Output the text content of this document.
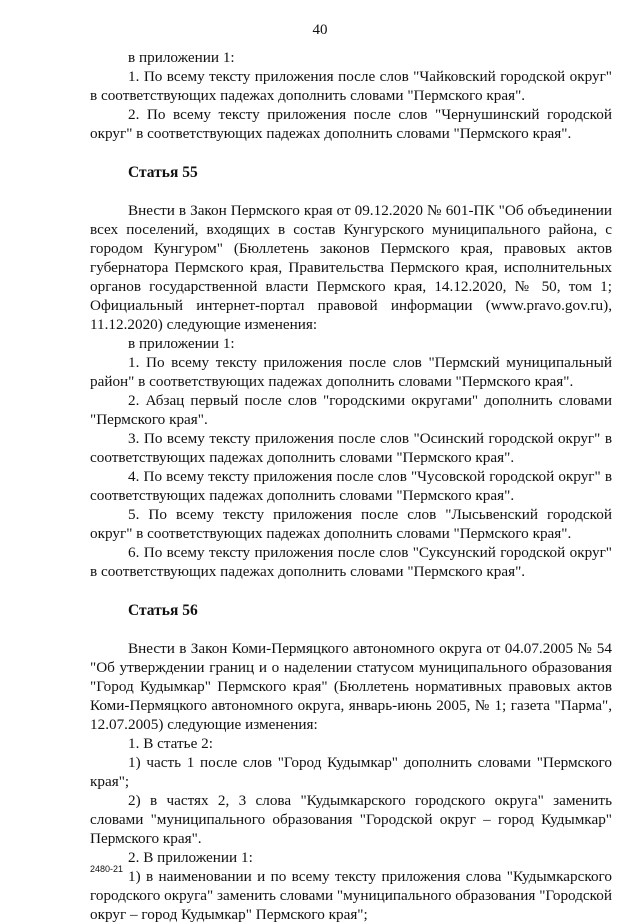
40

в приложении 1:

1. По всему тексту приложения после слов "Чайковский городской округ" в соответствующих падежах дополнить словами "Пермского края".

2. По всему тексту приложения после слов "Чернушинский городской округ" в соответствующих падежах дополнить словами "Пермского края".

Статья 55

Внести в Закон Пермского края от 09.12.2020 № 601-ПК "Об объединении всех поселений, входящих в состав Кунгурского муниципального района, с городом Кунгуром" (Бюллетень законов Пермского края, правовых актов губернатора Пермского края, Правительства Пермского края, исполнительных органов государственной власти Пермского края, 14.12.2020, № 50, том 1; Официальный интернет-портал правовой информации (www.pravo.gov.ru), 11.12.2020) следующие изменения:

в приложении 1:

1. По всему тексту приложения после слов "Пермский муниципальный район" в соответствующих падежах дополнить словами "Пермского края".

2. Абзац первый после слов "городскими округами" дополнить словами "Пермского края".

3. По всему тексту приложения после слов "Осинский городской округ" в соответствующих падежах дополнить словами "Пермского края".

4. По всему тексту приложения после слов "Чусовской городской округ" в соответствующих падежах дополнить словами "Пермского края".

5. По всему тексту приложения после слов "Лысьвенский городской округ" в соответствующих падежах дополнить словами "Пермского края".

6. По всему тексту приложения после слов "Суксунский городской округ" в соответствующих падежах дополнить словами "Пермского края".

Статья 56

Внести в Закон Коми-Пермяцкого автономного округа от 04.07.2005 № 54 "Об утверждении границ и о наделении статусом муниципального образования "Город Кудымкар" Пермского края" (Бюллетень нормативных правовых актов Коми-Пермяцкого автономного округа, январь-июнь 2005, № 1; газета "Парма", 12.07.2005) следующие изменения:

1. В статье 2:

1) часть 1 после слов "Город Кудымкар" дополнить словами "Пермского края";

2) в частях 2, 3 слова "Кудымкарского городского округа" заменить словами "муниципального образования "Городской округ – город Кудымкар" Пермского края".

2. В приложении 1:

1) в наименовании и по всему тексту приложения слова "Кудымкарского городского округа" заменить словами "муниципального образования "Городской округ – город Кудымкар" Пермского края";

2480-21
